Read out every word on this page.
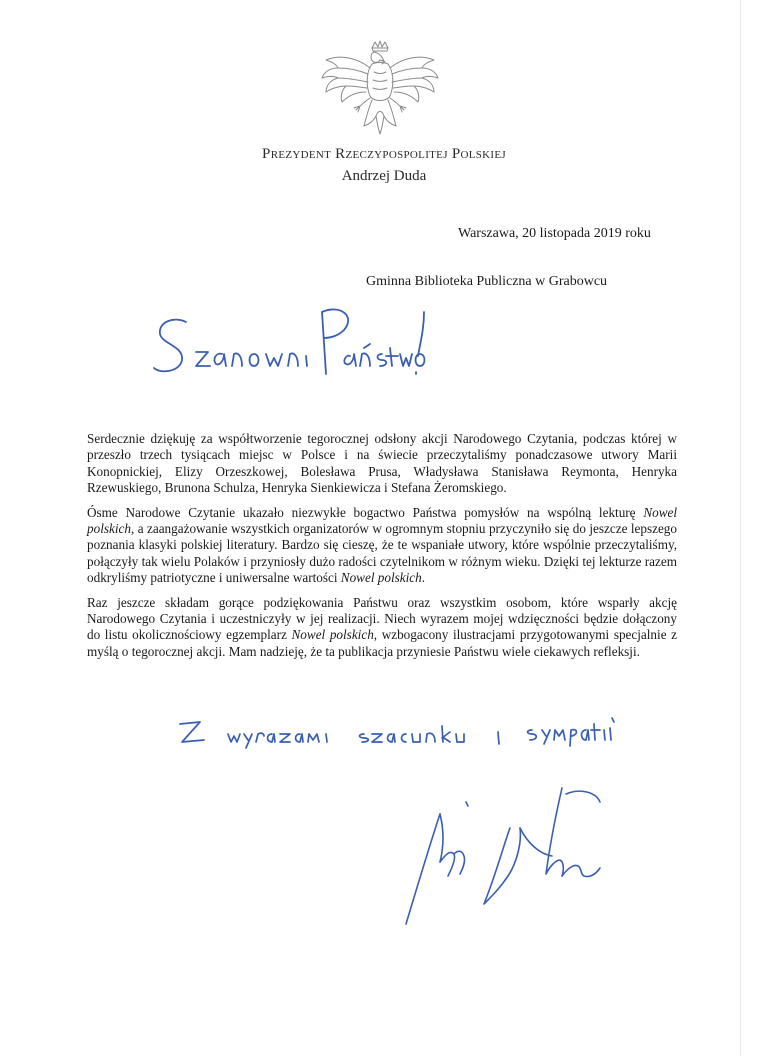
Prezydent Rzeczypospolitej Polskiej
Andrzej Duda
Warszawa, 20 listopada 2019 roku
Gminna Biblioteka Publiczna w Grabowcu

Serdecznie dziękuję za współtworzenie tegorocznej odsłony akcji Narodowego Czytania, podczas której w przeszło trzech tysiącach miejsc w Polsce i na świecie przeczytaliśmy ponadczasowe utwory Marii Konopnickiej, Elizy Orzeszkowej, Bolesława Prusa, Władysława Stanisława Reymonta, Henryka Rzewuskiego, Brunona Schulza, Henryka Sienkiewicza i Stefana Żeromskiego.

Ósme Narodowe Czytanie ukazało niezwykłe bogactwo Państwa pomysłów na wspólną lekturę Nowel polskich, a zaangażowanie wszystkich organizatorów w ogromnym stopniu przyczyniło się do jeszcze lepszego poznania klasyki polskiej literatury. Bardzo się cieszę, że te wspaniałe utwory, które wspólnie przeczytaliśmy, połączyły tak wielu Polaków i przyniosły dużo radości czytelnikom w różnym wieku. Dzięki tej lekturze razem odkryliśmy patriotyczne i uniwersalne wartości Nowel polskich.

Raz jeszcze składam gorące podziękowania Państwu oraz wszystkim osobom, które wsparły akcję Narodowego Czytania i uczestniczyły w jej realizacji. Niech wyrazem mojej wdzięczności będzie dołączony do listu okolicznościowy egzemplarz Nowel polskich, wzbogacony ilustracjami przygotowanymi specjalnie z myślą o tegorocznej akcji. Mam nadzieję, że ta publikacja przyniesie Państwu wiele ciekawych refleksji.
